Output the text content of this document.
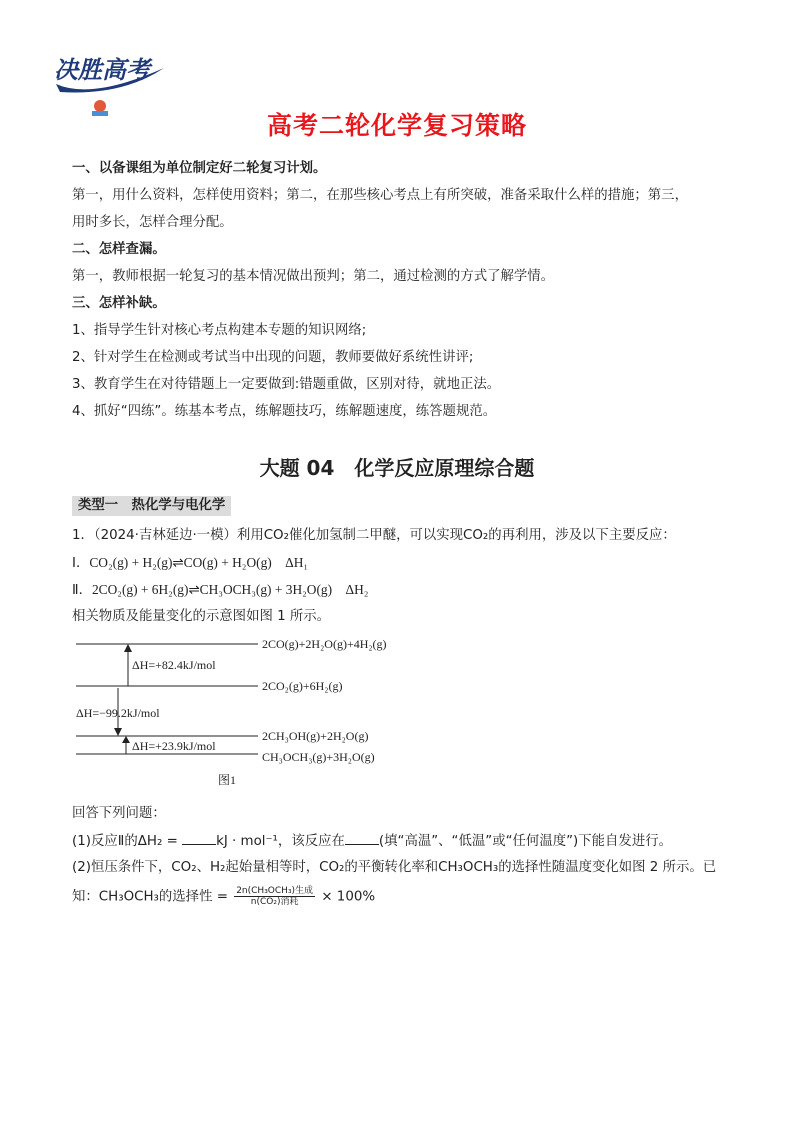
决胜高考
高考二轮化学复习策略
一、以备课组为单位制定好二轮复习计划。
第一，用什么资料，怎样使用资料；第二，在那些核心考点上有所突破，准备采取什么样的措施；第三，
用时多长，怎样合理分配。
二、怎样查漏。
第一，教师根据一轮复习的基本情况做出预判；第二，通过检测的方式了解学情。
三、怎样补缺。
1、指导学生针对核心考点构建本专题的知识网络;
2、针对学生在检测或考试当中出现的问题，教师要做好系统性讲评;
3、教育学生在对待错题上一定要做到:错题重做，区别对待，就地正法。
4、抓好“四练”。练基本考点，练解题技巧，练解题速度，练答题规范。
大题 04　化学反应原理综合题
类型一　热化学与电化学
1．（2024·吉林延边·一模）利用CO₂催化加氢制二甲醚，可以实现CO₂的再利用，涉及以下主要反应：
Ⅰ．CO₂(g) + H₂(g)⇌CO(g) + H₂O(g)　ΔH₁
Ⅱ．2CO₂(g) + 6H₂(g)⇌CH₃OCH₃(g) + 3H₂O(g)　ΔH₂
相关物质及能量变化的示意图如图 1 所示。
ΔH=+82.4kJ/mol
ΔH=−99.2kJ/mol
ΔH=+23.9kJ/mol
2CO(g)+2H₂O(g)+4H₂(g)
2CO₂(g)+6H₂(g)
2CH₃OH(g)+2H₂O(g)
CH₃OCH₃(g)+3H₂O(g)
图1
回答下列问题：
(1)反应Ⅱ的ΔH₂ =	kJ · mol⁻¹，该反应在	(填“高温”、“低温”或“任何温度”)下能自发进行。
(2)恒压条件下，CO₂、H₂起始量相等时，CO₂的平衡转化率和CH₃OCH₃的选择性随温度变化如图 2 所示。已
知：CH₃OCH₃的选择性 = $\frac{\text{2n(CH₃OCH₃)生成}}{\text{n(CO₂)消耗}} \times 100\%$
